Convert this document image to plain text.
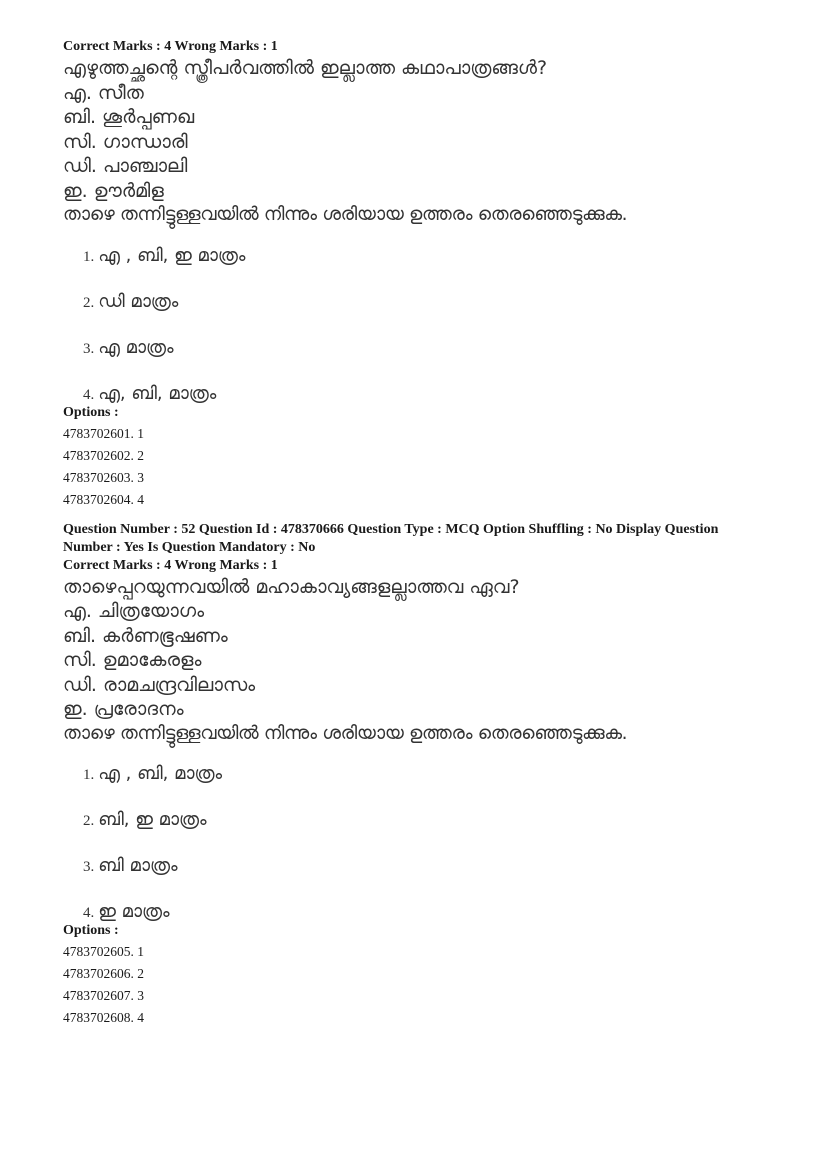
Correct Marks : 4 Wrong Marks : 1
എഴുത്തച്ഛന്റെ സ്ത്രീപർവത്തിൽ ഇല്ലാത്ത കഥാപാത്രങ്ങൾ?
എ. സീത
ബി. ശൂർപ്പണഖ
സി. ഗാന്ധാരി
ഡി. പാഞ്ചാലി
ഇ. ഊർമിള
താഴെ തന്നിട്ടുള്ളവയിൽ നിന്നും ശരിയായ ഉത്തരം തെരഞ്ഞെടുക്കുക.
1. എ , ബി, ഇ മാത്രം
2. ഡി മാത്രം
3. എ മാത്രം
4. എ, ബി, മാത്രം
Options :
4783702601. 1
4783702602. 2
4783702603. 3
4783702604. 4
Question Number : 52 Question Id : 478370666 Question Type : MCQ Option Shuffling : No Display Question
Number : Yes Is Question Mandatory : No
Correct Marks : 4 Wrong Marks : 1
താഴെപ്പറയുന്നവയിൽ മഹാകാവ്യങ്ങളല്ലാത്തവ ഏവ?
എ. ചിത്രയോഗം
ബി. കർണഭൂഷണം
സി. ഉമാകേരളം
ഡി. രാമചന്ദ്രവിലാസം
ഇ. പ്രരോദനം
താഴെ തന്നിട്ടുള്ളവയിൽ നിന്നും ശരിയായ ഉത്തരം തെരഞ്ഞെടുക്കുക.
1. എ , ബി, മാത്രം
2. ബി, ഇ മാത്രം
3. ബി മാത്രം
4. ഇ മാത്രം
Options :
4783702605. 1
4783702606. 2
4783702607. 3
4783702608. 4
